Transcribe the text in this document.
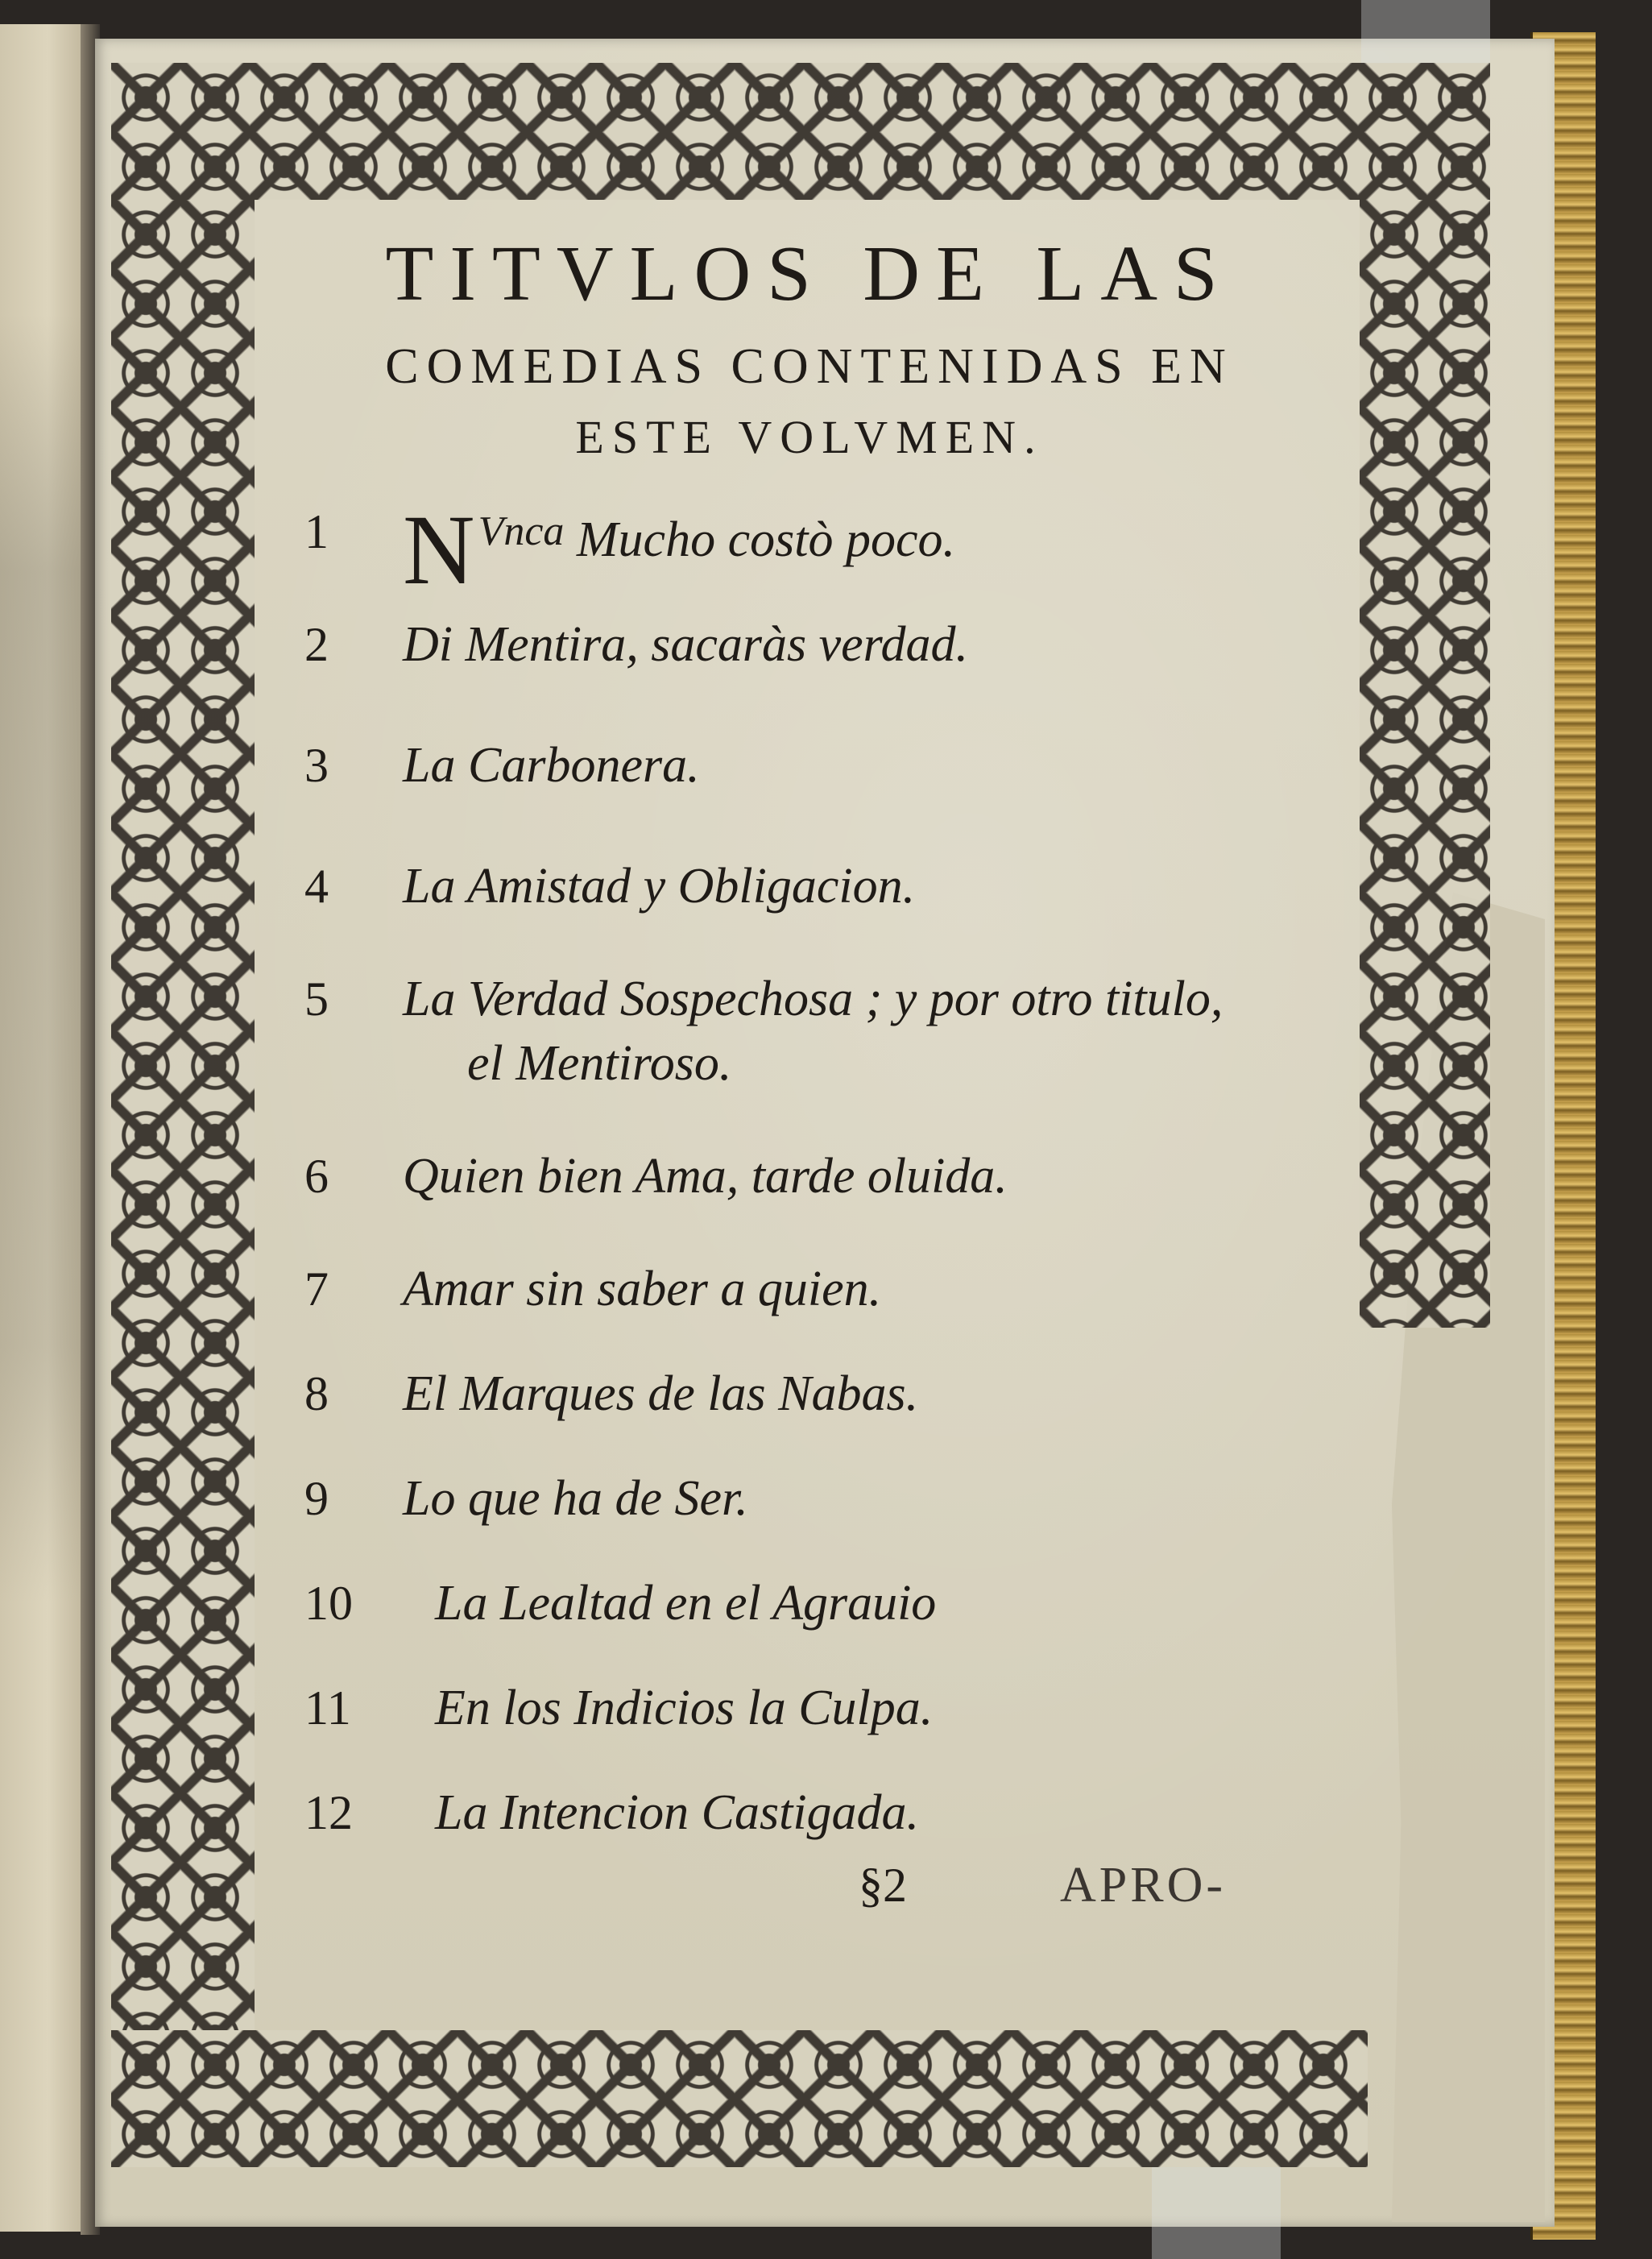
TITVLOS DE LAS
COMEDIAS CONTENIDAS EN
ESTE VOLVMEN.
1 $N^{Vnca}$ Mucho costò poco.
2	Di Mentira, sacaràs verdad.
3	La Carbonera.
4	La Amistad y Obligacion.
5	La Verdad Sospechosa ; y por otro titulo,
el Mentiroso.
6	Quien bien Ama, tarde oluida.
7	Amar sin saber a quien.
8	El Marques de las Nabas.
9	Lo que ha de Ser.
10	La Lealtad en el Agrauio
11	En los Indicios la Culpa.
12	La Intencion Castigada.
§2	APRO-
